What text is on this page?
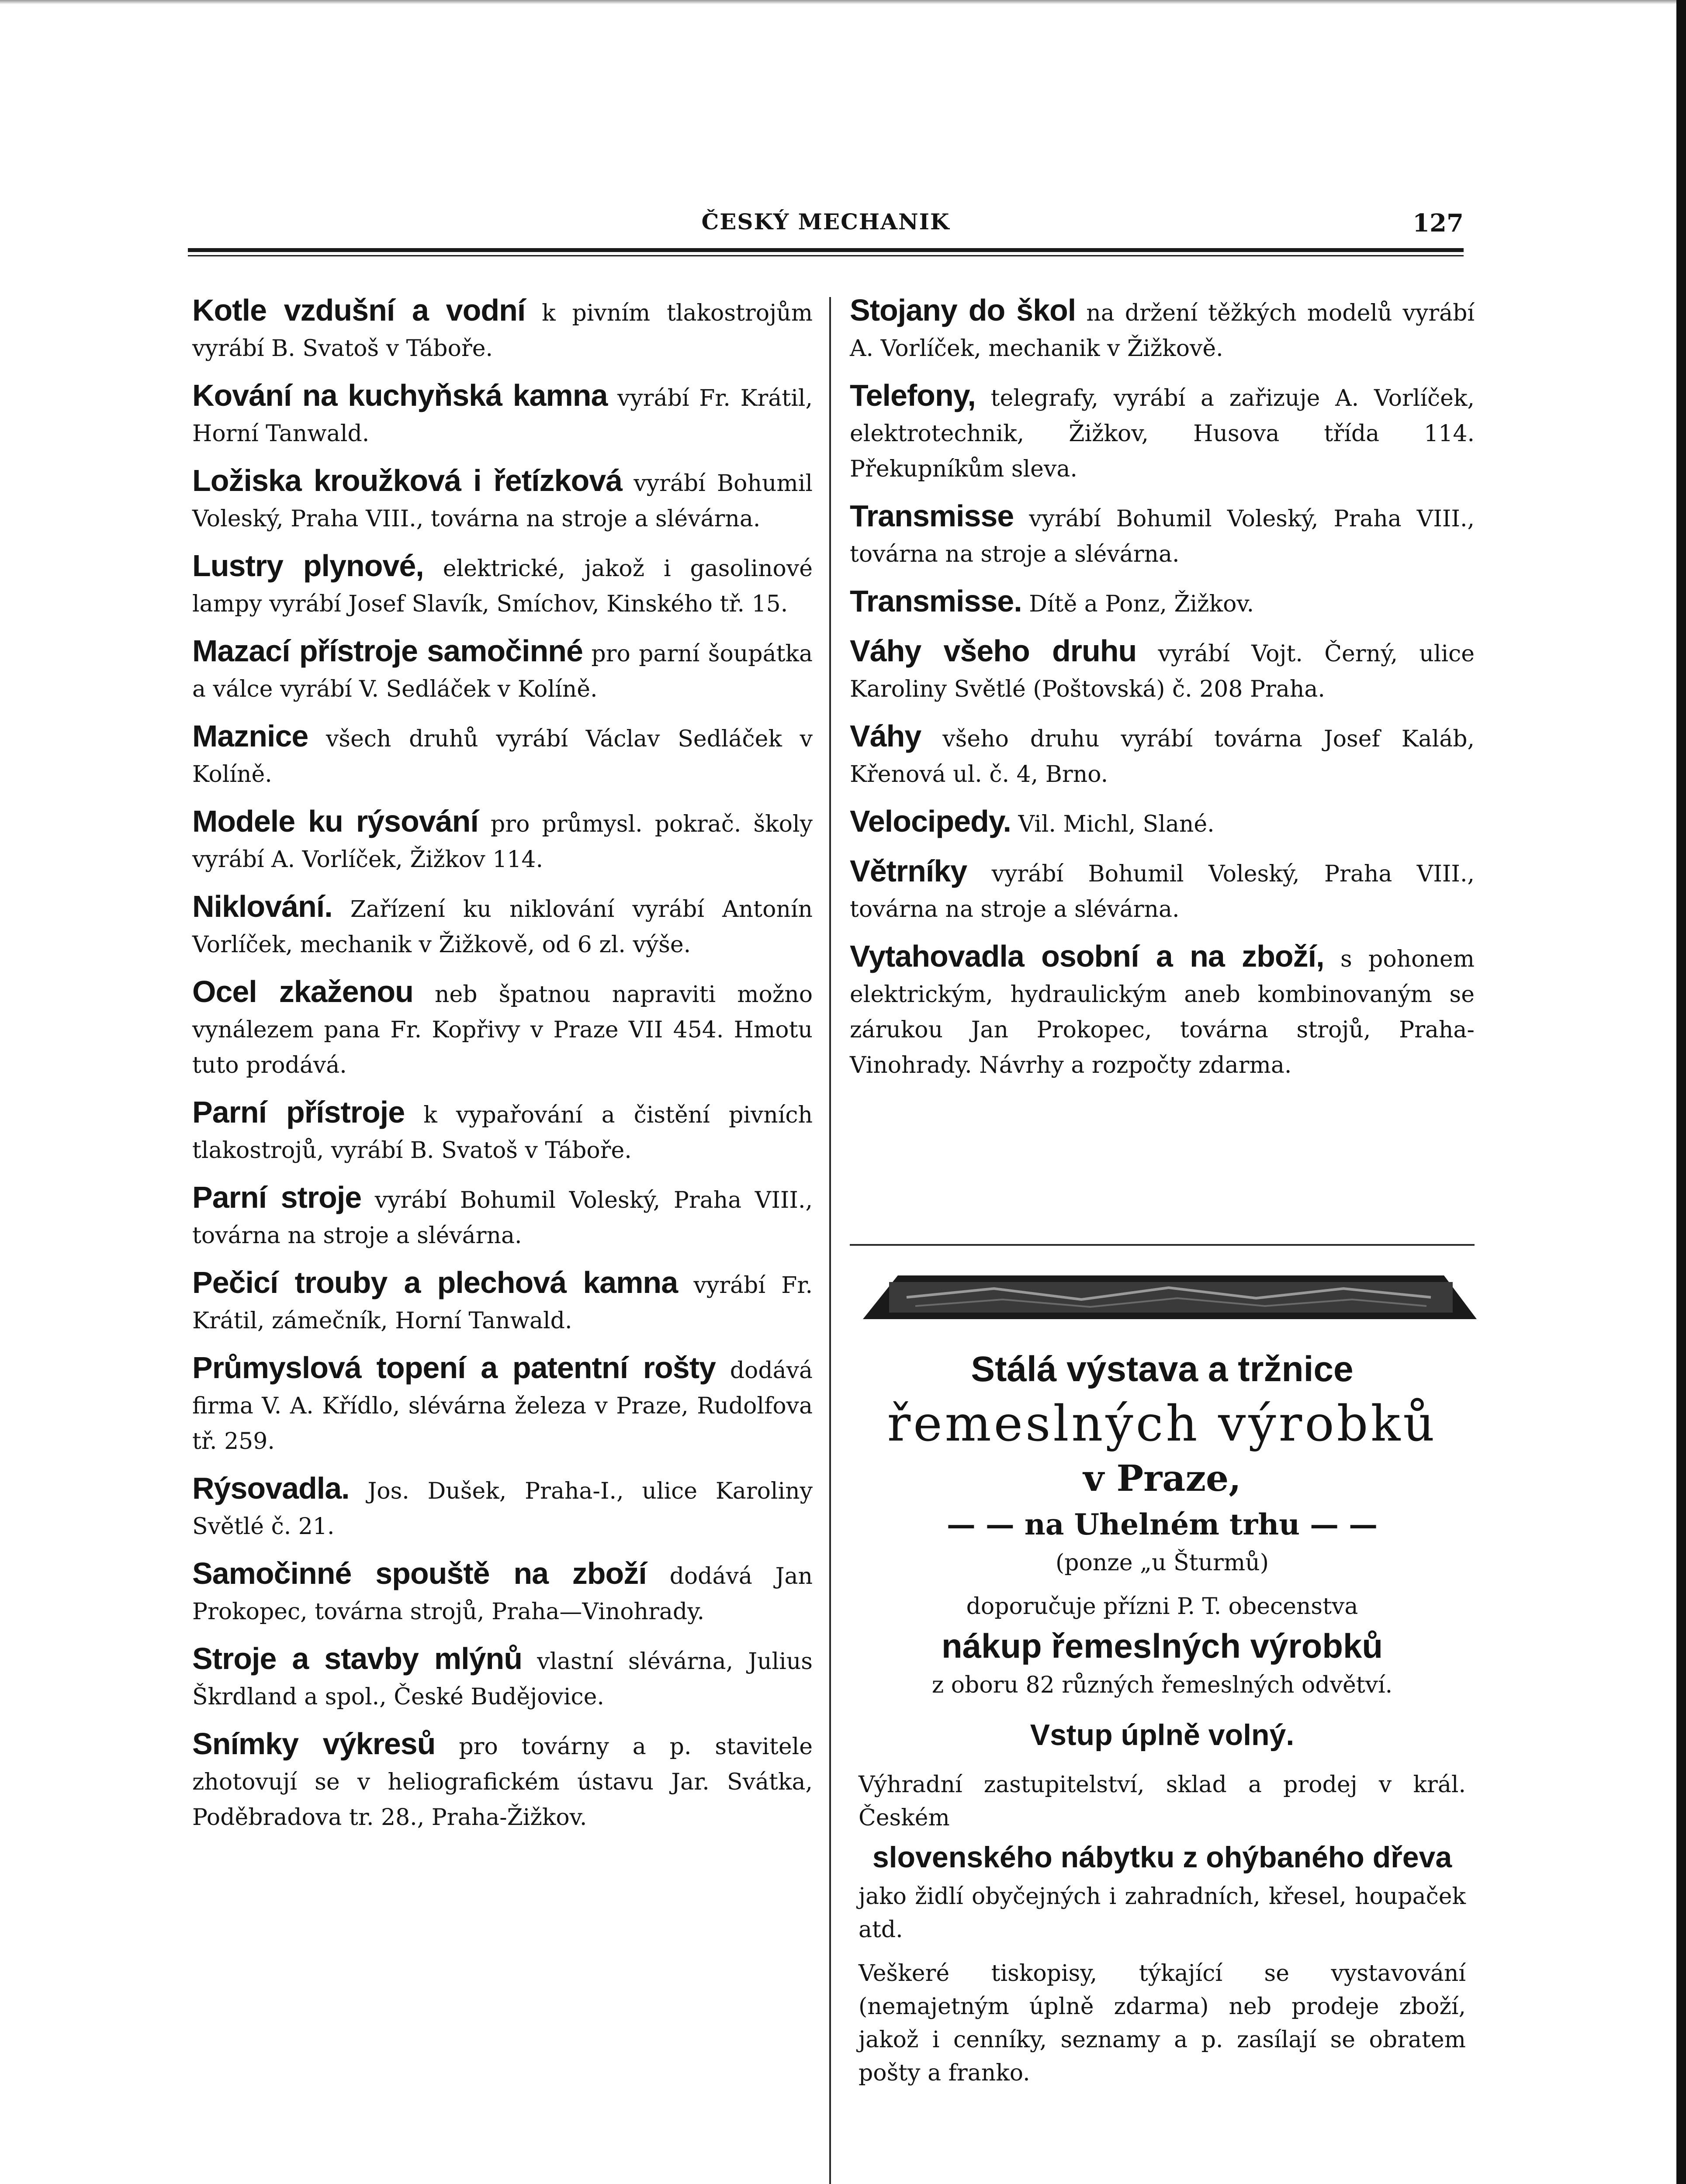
ČESKÝ MECHANIK	127
Kotle vzdušní a vodní k pivním tlakostrojům vyrábí B. Svatoš v Táboře.
Kování na kuchyňská kamna vyrábí Fr. Krátil, Horní Tanwald.
Ložiska kroužková i řetízková vyrábí Bohumil Voleský, Praha VIII., továrna na stroje a slévárna.
Lustry plynové, elektrické, jakož i gasolinové lampy vyrábí Josef Slavík, Smíchov, Kinského tř. 15.
Mazací přístroje samočinné pro parní šoupátka a válce vyrábí V. Sedláček v Kolíně.
Maznice všech druhů vyrábí Václav Sedláček v Kolíně.
Modele ku rýsování pro průmysl. pokrač. školy vyrábí A. Vorlíček, Žižkov 114.
Niklování. Zařízení ku niklování vyrábí Antonín Vorlíček, mechanik v Žižkově, od 6 zl. výše.
Ocel zkaženou neb špatnou napraviti možno vynálezem pana Fr. Kopřivy v Praze VII 454. Hmotu tuto prodává.
Parní přístroje k vypařování a čistění pivních tlakostrojů, vyrábí B. Svatoš v Táboře.
Parní stroje vyrábí Bohumil Voleský, Praha VIII., továrna na stroje a slévárna.
Pečicí trouby a plechová kamna vyrábí Fr. Krátil, zámečník, Horní Tanwald.
Průmyslová topení a patentní rošty dodává firma V. A. Křídlo, slévárna železa v Praze, Rudolfova tř. 259.
Rýsovadla. Jos. Dušek, Praha-I., ulice Karoliny Světlé č. 21.
Samočinné spouště na zboží dodává Jan Prokopec, továrna strojů, Praha—Vinohrady.
Stroje a stavby mlýnů vlastní slévárna, Julius Škrdland a spol., České Budějovice.
Snímky výkresů pro továrny a p. stavitele zhotovují se v heliografickém ústavu Jar. Svátka, Poděbradova tr. 28., Praha-Žižkov.
Stojany do škol na držení těžkých modelů vyrábí A. Vorlíček, mechanik v Žižkově.
Telefony, telegrafy, vyrábí a zařizuje A. Vorlíček, elektrotechnik, Žižkov, Husova třída 114. Překupníkům sleva.
Transmisse vyrábí Bohumil Voleský, Praha VIII., továrna na stroje a slévárna.
Transmisse. Dítě a Ponz, Žižkov.
Váhy všeho druhu vyrábí Vojt. Černý, ulice Karoliny Světlé (Poštovská) č. 208 Praha.
Váhy všeho druhu vyrábí továrna Josef Kaláb, Křenová ul. č. 4, Brno.
Velocipedy. Vil. Michl, Slané.
Větrníky vyrábí Bohumil Voleský, Praha VIII., továrna na stroje a slévárna.
Vytahovadla osobní a na zboží, s pohonem elektrickým, hydraulickým aneb kombinovaným se zárukou Jan Prokopec, továrna strojů, Praha-Vinohrady. Návrhy a rozpočty zdarma.
Stálá výstava a tržnice
řemeslných výrobků
v Praze,
— — na Uhelném trhu — —
(ponze „u Šturmů)
doporučuje přízni P. T. obecenstva
nákup řemeslných výrobků
z oboru 82 různých řemeslných odvětví.
Vstup úplně volný.
Výhradní zastupitelství, sklad a prodej v král. Českém
slovenského nábytku z ohýbaného dřeva
jako židlí obyčejných i zahradních, křesel, houpaček atd.
Veškeré tiskopisy, týkající se vystavování (nemajetným úplně zdarma) neb prodeje zboží, jakož i cenníky, seznamy a p. zasílají se obratem pošty a franko.
